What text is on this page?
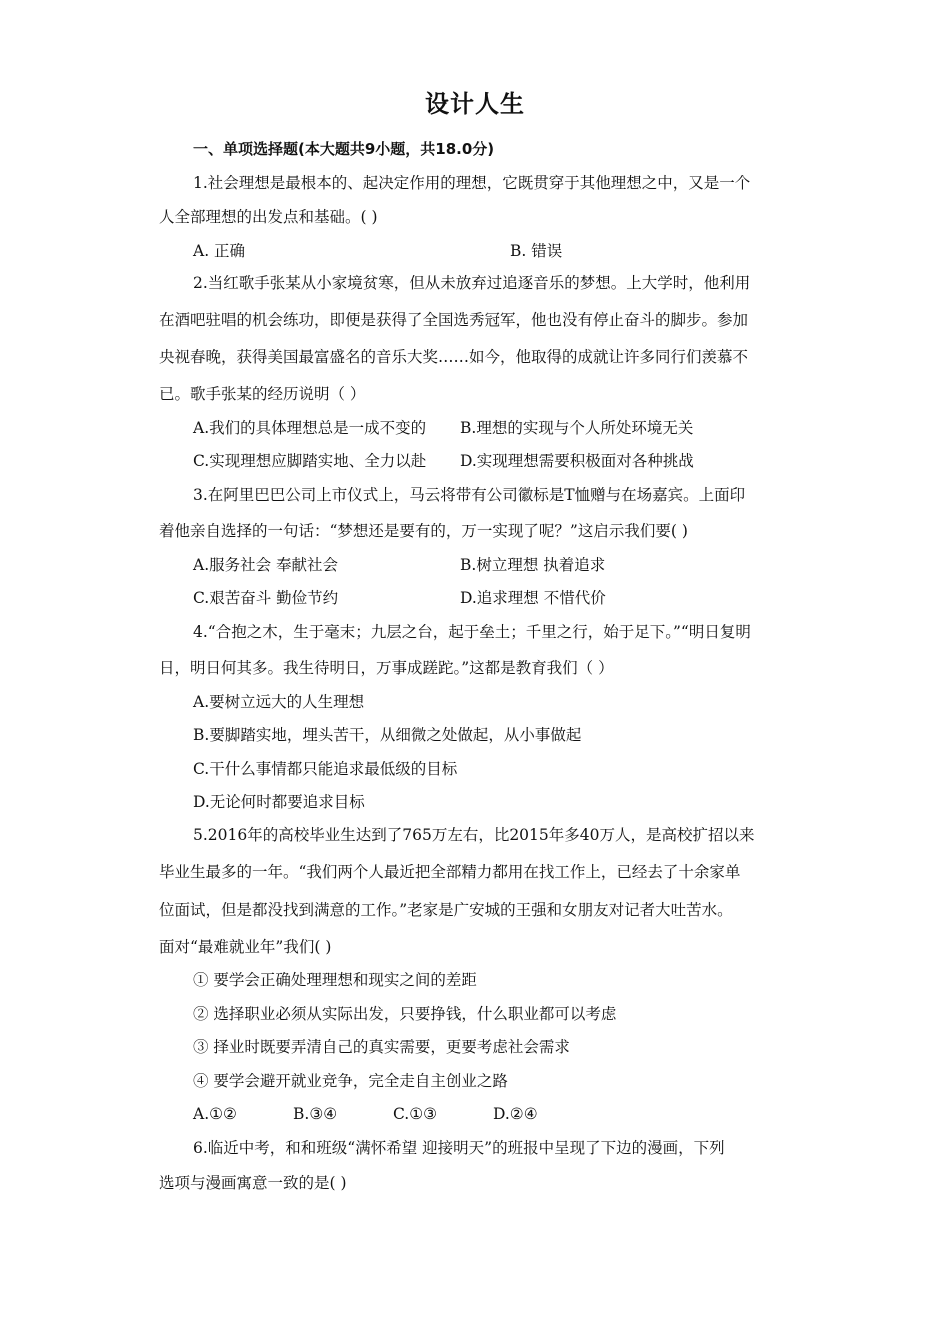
设计人生
一、单项选择题(本大题共9小题，共18.0分)
1.社会理想是最根本的、起决定作用的理想，它既贯穿于其他理想之中，又是一个
人全部理想的出发点和基础。( )
A. 正确	B. 错误
2.当红歌手张某从小家境贫寒，但从未放弃过追逐音乐的梦想。上大学时，他利用
在酒吧驻唱的机会练功，即便是获得了全国选秀冠军，他也没有停止奋斗的脚步。参加
央视春晚，获得美国最富盛名的音乐大奖……如今，他取得的成就让许多同行们羡慕不
已。歌手张某的经历说明（ ）
A.我们的具体理想总是一成不变的 B.理想的实现与个人所处环境无关
C.实现理想应脚踏实地、全力以赴 D.实现理想需要积极面对各种挑战
3.在阿里巴巴公司上市仪式上，马云将带有公司徽标是T恤赠与在场嘉宾。上面印
着他亲自选择的一句话：“梦想还是要有的，万一实现了呢？”这启示我们要( )
A.服务社会 奉献社会	B.树立理想 执着追求
C.艰苦奋斗 勤俭节约	D.追求理想 不惜代价
4.“合抱之木，生于毫末；九层之台，起于垒土；千里之行，始于足下。”“明日复明
日，明日何其多。我生待明日，万事成蹉跎。”这都是教育我们（ ）
A.要树立远大的人生理想
B.要脚踏实地，埋头苦干，从细微之处做起，从小事做起
C.干什么事情都只能追求最低级的目标
D.无论何时都要追求目标
5.2016年的高校毕业生达到了765万左右，比2015年多40万人，是高校扩招以来
毕业生最多的一年。“我们两个人最近把全部精力都用在找工作上，已经去了十余家单
位面试，但是都没找到满意的工作。”老家是广安城的王强和女朋友对记者大吐苦水。
面对“最难就业年”我们( )
① 要学会正确处理理想和现实之间的差距
② 选择职业必须从实际出发，只要挣钱，什么职业都可以考虑
③ 择业时既要弄清自己的真实需要，更要考虑社会需求
④ 要学会避开就业竞争，完全走自主创业之路
A.①②	B.③④	C.①③	D.②④
6.临近中考，和和班级“满怀希望 迎接明天”的班报中呈现了下边的漫画，下列
选项与漫画寓意一致的是( )
